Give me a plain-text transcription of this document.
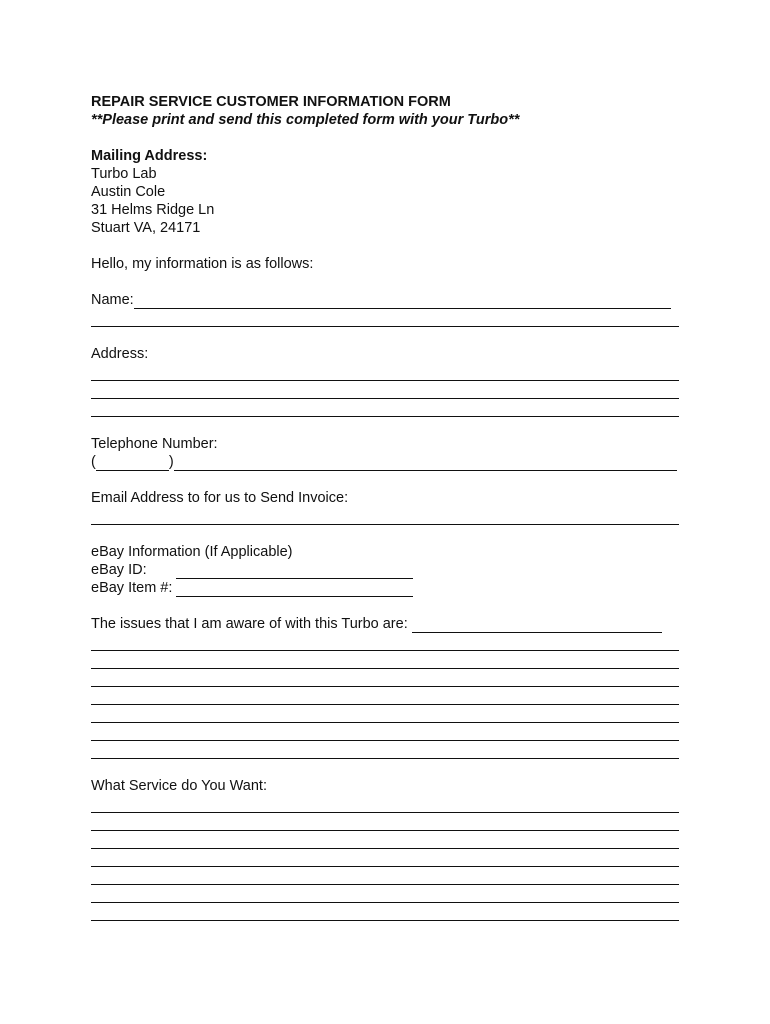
REPAIR SERVICE CUSTOMER INFORMATION FORM
**Please print and send this completed form with your Turbo**
Mailing Address:
Turbo Lab
Austin Cole
31 Helms Ridge Ln
Stuart VA, 24171
Hello, my information is as follows:
Name:
Address:
Telephone Number:
(	)
Email Address to for us to Send Invoice:
eBay Information (If Applicable)
eBay ID:
eBay Item #:
The issues that I am aware of with this Turbo are:
What Service do You Want:
